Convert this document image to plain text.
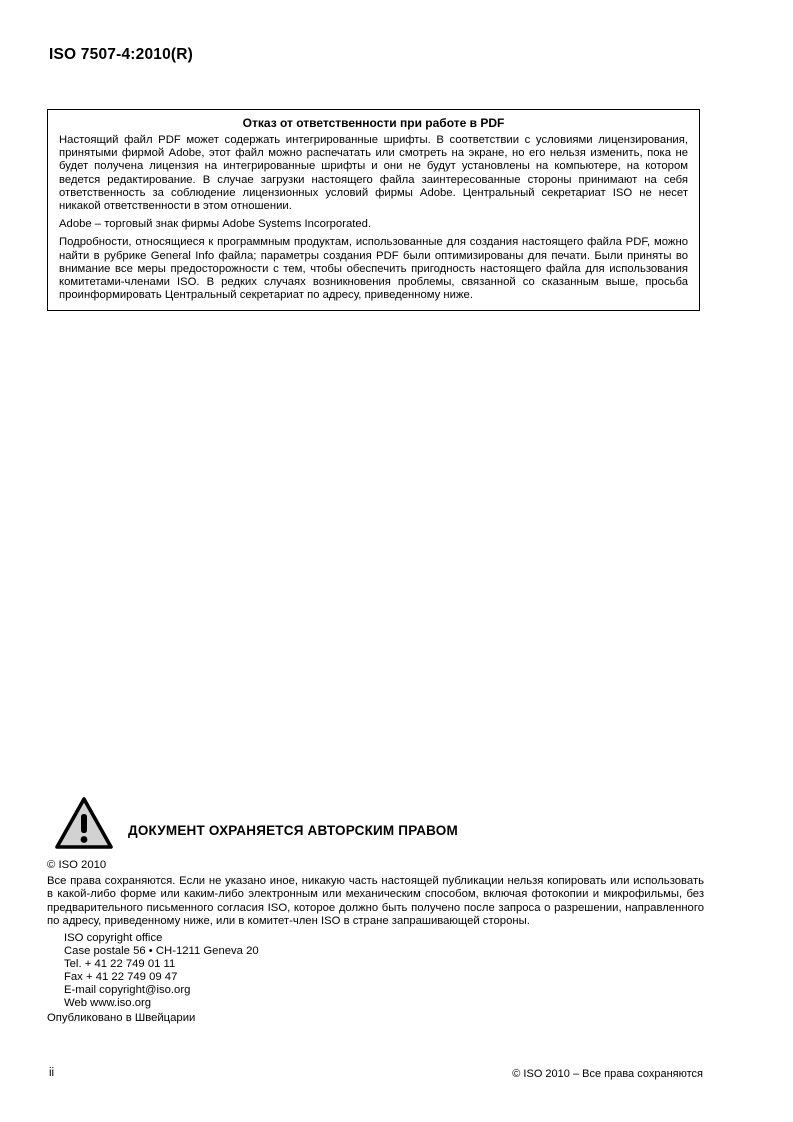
ISO 7507-4:2010(R)
Отказ от ответственности при работе в PDF

Настоящий файл PDF может содержать интегрированные шрифты. В соответствии с условиями лицензирования, принятыми фирмой Adobe, этот файл можно распечатать или смотреть на экране, но его нельзя изменить, пока не будет получена лицензия на интегрированные шрифты и они не будут установлены на компьютере, на котором ведется редактирование. В случае загрузки настоящего файла заинтересованные стороны принимают на себя ответственность за соблюдение лицензионных условий фирмы Adobe. Центральный секретариат ISO не несет никакой ответственности в этом отношении.

Adobe – торговый знак фирмы Adobe Systems Incorporated.

Подробности, относящиеся к программным продуктам, использованные для создания настоящего файла PDF, можно найти в рубрике General Info файла; параметры создания PDF были оптимизированы для печати. Были приняты во внимание все меры предосторожности с тем, чтобы обеспечить пригодность настоящего файла для использования комитетами-членами ISO. В редких случаях возникновения проблемы, связанной со сказанным выше, просьба проинформировать Центральный секретариат по адресу, приведенному ниже.

ДОКУМЕНТ ОХРАНЯЕТСЯ АВТОРСКИМ ПРАВОМ
© ISO 2010
Все права сохраняются. Если не указано иное, никакую часть настоящей публикации нельзя копировать или использовать в какой-либо форме или каким-либо электронным или механическим способом, включая фотокопии и микрофильмы, без предварительного письменного согласия ISO, которое должно быть получено после запроса о разрешении, направленного по адресу, приведенному ниже, или в комитет-член ISO в стране запрашивающей стороны.
ISO copyright office
Case postale 56 • CH-1211 Geneva 20
Tel. + 41 22 749 01 11
Fax + 41 22 749 09 47
E-mail copyright@iso.org
Web www.iso.org
Опубликовано в Швейцарии
ii	© ISO 2010 – Все права сохраняются
